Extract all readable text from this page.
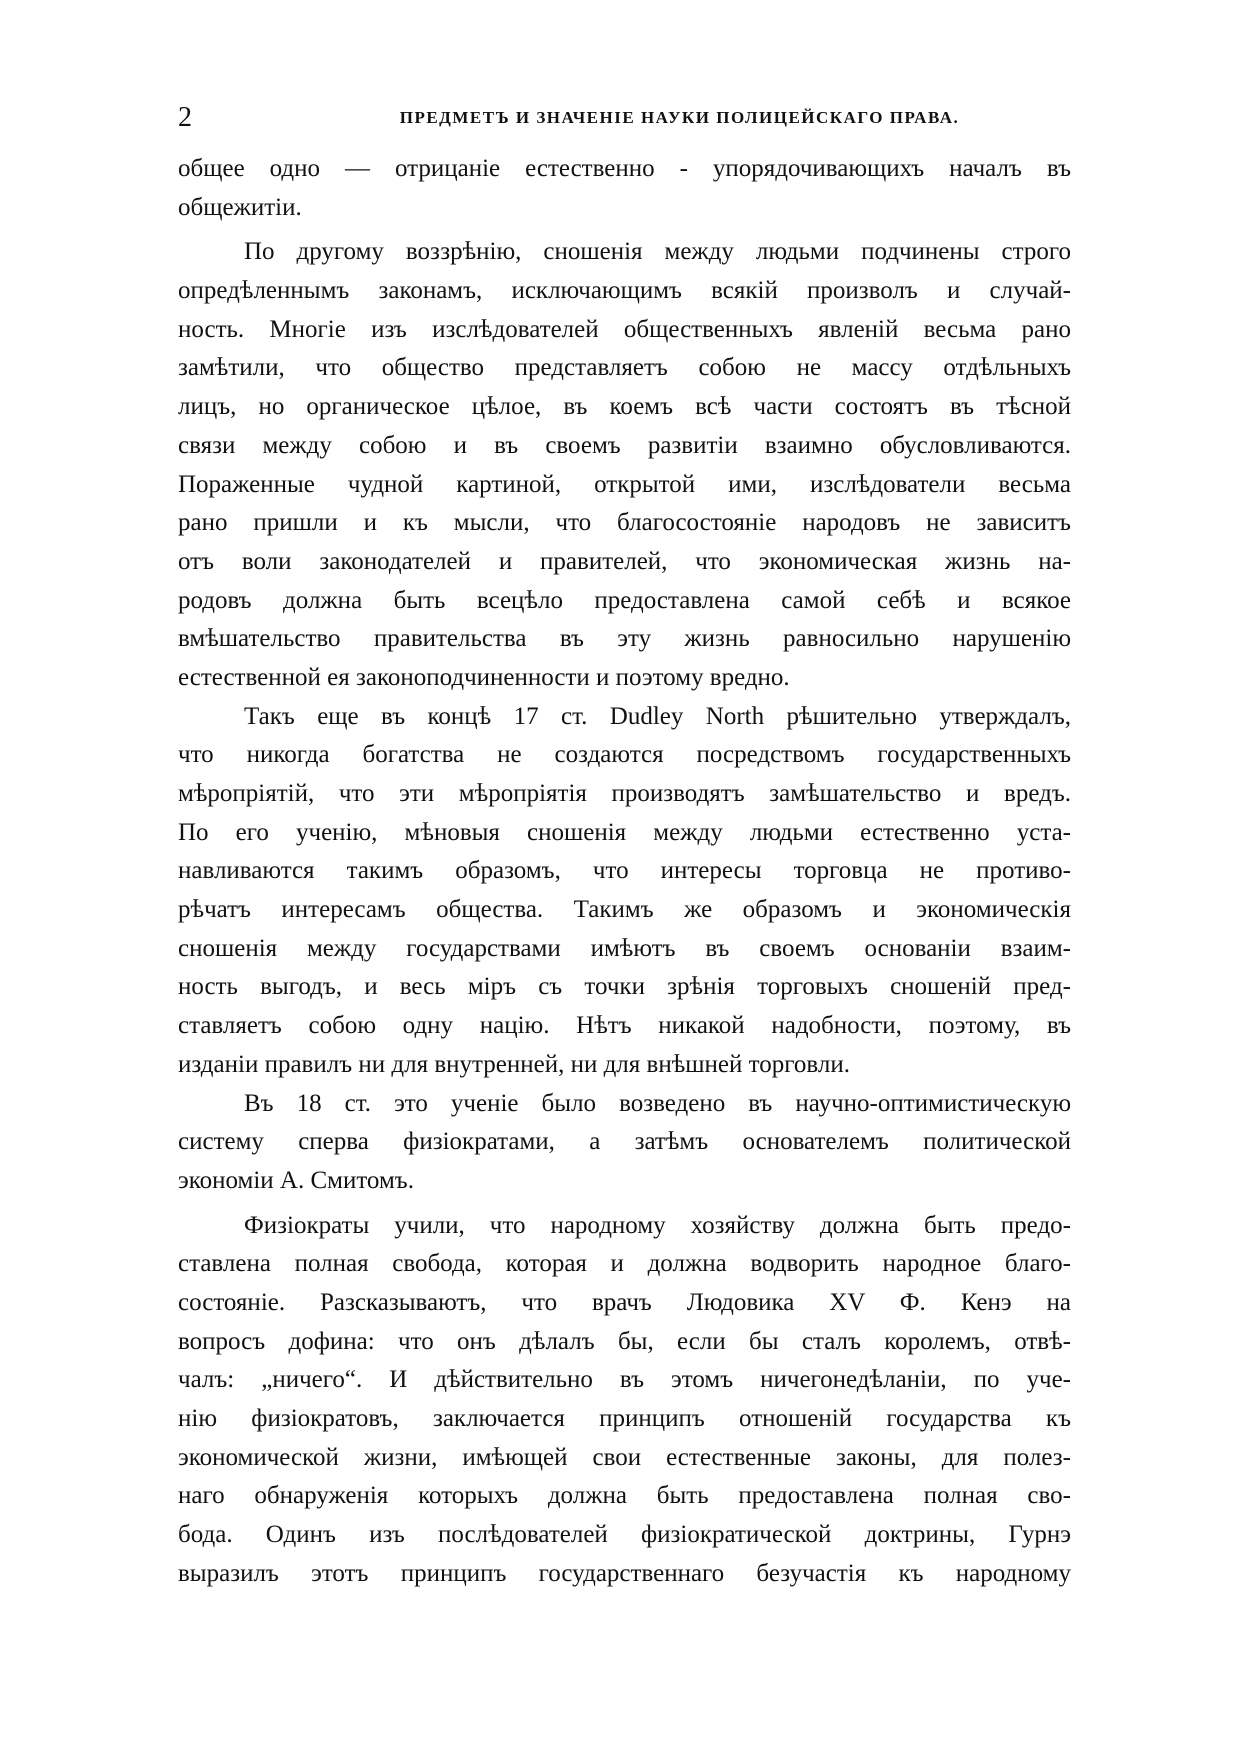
2	ПРЕДМЕТЪ И ЗНАЧЕНІЕ НАУКИ ПОЛИЦЕЙСКАГО ПРАВА.
общее одно — отрицаніе естественно - упорядочивающихъ началъ въ
общежитіи.
По другому воззрѣнію, сношенія между людьми подчинены строго
опредѣленнымъ законамъ, исключающимъ всякій произволъ и случай-
ность. Многіе изъ изслѣдователей общественныхъ явленій весьма рано
замѣтили, что общество представляетъ собою не массу отдѣльныхъ
лицъ, но органическое цѣлое, въ коемъ всѣ части состоятъ въ тѣсной
связи между собою и въ своемъ развитіи взаимно обусловливаются.
Пораженные чудной картиной, открытой ими, изслѣдователи весьма
рано пришли и къ мысли, что благосостояніе народовъ не зависитъ
отъ воли законодателей и правителей, что экономическая жизнь на-
родовъ должна быть всецѣло предоставлена самой себѣ и всякое
вмѣшательство правительства въ эту жизнь равносильно нарушенію
естественной ея законоподчиненности и поэтому вредно.
Такъ еще въ концѣ 17 ст. Dudley North рѣшительно утверждалъ,
что никогда богатства не создаются посредствомъ государственныхъ
мѣропріятій, что эти мѣропріятія производятъ замѣшательство и вредъ.
По его ученію, мѣновыя сношенія между людьми естественно уста-
навливаются такимъ образомъ, что интересы торговца не противо-
рѣчатъ интересамъ общества. Такимъ же образомъ и экономическія
сношенія между государствами имѣютъ въ своемъ основаніи взаим-
ность выгодъ, и весь міръ съ точки зрѣнія торговыхъ сношеній пред-
ставляетъ собою одну націю. Нѣтъ никакой надобности, поэтому, въ
изданіи правилъ ни для внутренней, ни для внѣшней торговли.
Въ 18 ст. это ученіе было возведено въ научно-оптимистическую
систему сперва физіократами, а затѣмъ основателемъ политической
экономіи А. Смитомъ.
Физіократы учили, что народному хозяйству должна быть предо-
ставлена полная свобода, которая и должна водворить народное благо-
состояніе. Разсказываютъ, что врачъ Людовика XV Ф. Кенэ на
вопросъ дофина: что онъ дѣлалъ бы, если бы сталъ королемъ, отвѣ-
чалъ: „ничего“. И дѣйствительно въ этомъ ничегонедѣланіи, по уче-
нію физіократовъ, заключается принципъ отношеній государства къ
экономической жизни, имѣющей свои естественные законы, для полез-
наго обнаруженія которыхъ должна быть предоставлена полная сво-
бода. Одинъ изъ послѣдователей физіократической доктрины, Гурнэ
выразилъ этотъ принципъ государственнаго безучастія къ народному
